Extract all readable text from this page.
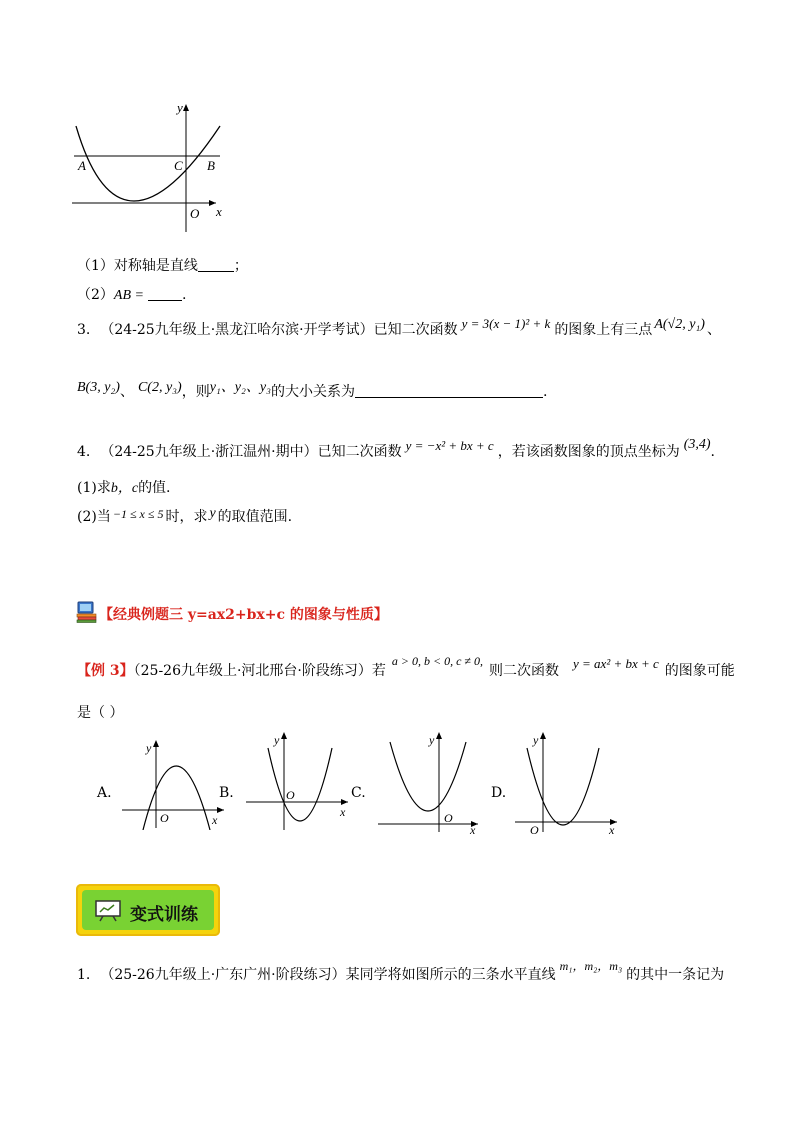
y
x
A	C B
O
（1）对称轴是直线	；
（2）AB =	.
3. （24-25九年级上·黑龙江哈尔滨·开学考试）已知二次函数 y = 3(x − 1)² + k 的图象上有三点 A(√2, y₁) 、
B(3, y₂)、 C(2, y₃)，则y₁、y₂、y₃的大小关系为	.
4. （24-25九年级上·浙江温州·期中）已知二次函数 y = −x² + bx + c ，若该函数图象的顶点坐标为 (3,4).
(1)求b，c的值.
(2)当 −1 ≤ x ≤ 5 时，求 y 的取值范围.
【经典例题三 y=ax2+bx+c 的图象与性质】
【例 3】（25-26九年级上·河北邢台·阶段练习）若a > 0, b < 0, c ≠ 0,则二次函数 y = ax² + bx + c 的图象可能
是（ ）
A.
y
x
O
B.
y
x
O	C.
y
x
O
D.
y
x
O
变式训练
1. （25-26九年级上·广东广州·阶段练习）某同学将如图所示的三条水平直线m₁，m₂，m₃的其中一条记为
